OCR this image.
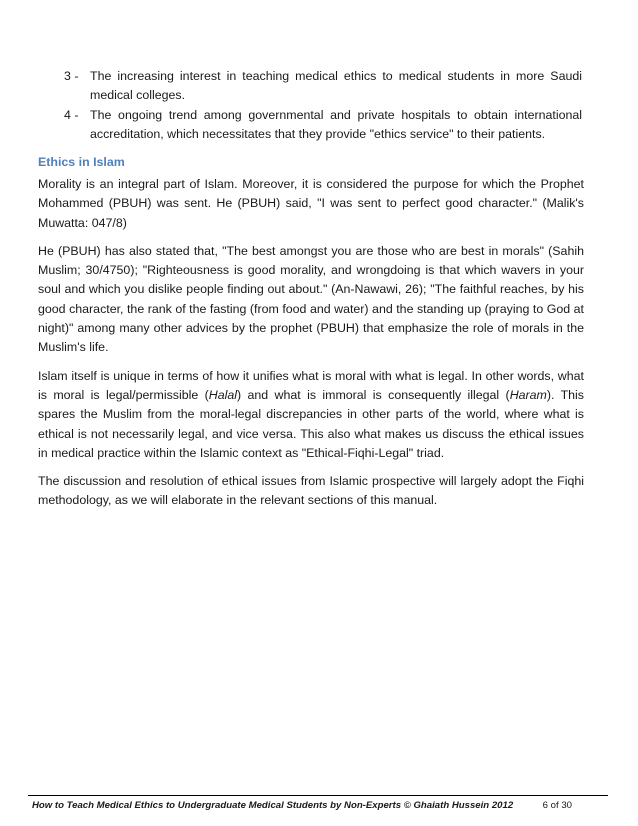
3 - The increasing interest in teaching medical ethics to medical students in more Saudi medical colleges.
4 - The ongoing trend among governmental and private hospitals to obtain international accreditation, which necessitates that they provide "ethics service" to their patients.
Ethics in Islam

Morality is an integral part of Islam. Moreover, it is considered the purpose for which the Prophet Mohammed (PBUH) was sent. He (PBUH) said, "I was sent to perfect good character." (Malik's Muwatta: 047/8)

He (PBUH) has also stated that, "The best amongst you are those who are best in morals" (Sahih Muslim; 30/4750); "Righteousness is good morality, and wrongdoing is that which wavers in your soul and which you dislike people finding out about." (An-Nawawi, 26); "The faithful reaches, by his good character, the rank of the fasting (from food and water) and the standing up (praying to God at night)" among many other advices by the prophet (PBUH) that emphasize the role of morals in the Muslim's life.

Islam itself is unique in terms of how it unifies what is moral with what is legal. In other words, what is moral is legal/permissible (Halal) and what is immoral is consequently illegal (Haram). This spares the Muslim from the moral-legal discrepancies in other parts of the world, where what is ethical is not necessarily legal, and vice versa. This also what makes us discuss the ethical issues in medical practice within the Islamic context as "Ethical-Fiqhi-Legal" triad.

The discussion and resolution of ethical issues from Islamic prospective will largely adopt the Fiqhi methodology, as we will elaborate in the relevant sections of this manual.

How to Teach Medical Ethics to Undergraduate Medical Students by Non-Experts © Ghaiath Hussein 2012	6 of 30
